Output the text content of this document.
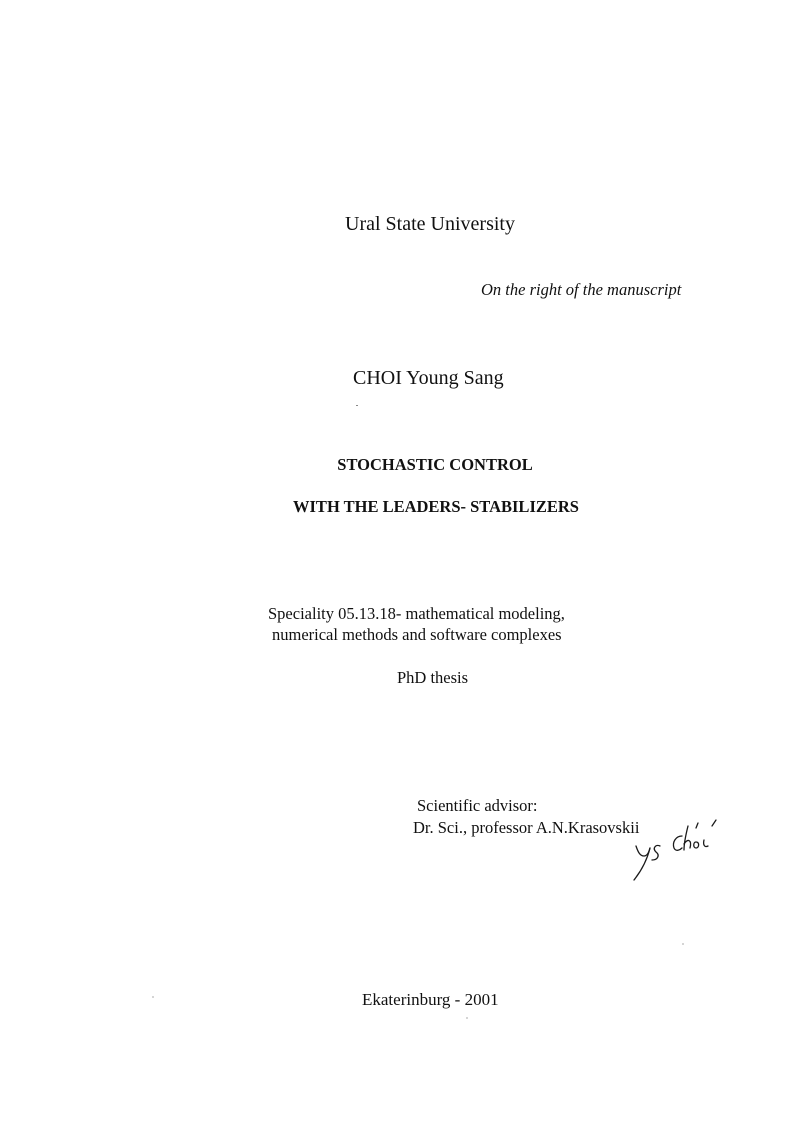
Ural State University
On the right of the manuscript
CHOI Young Sang
STOCHASTIC CONTROL
WITH THE LEADERS- STABILIZERS
Speciality 05.13.18- mathematical modeling,
numerical methods and software complexes
PhD thesis
Scientific advisor:
Dr. Sci., professor A.N.Krasovskii
Ekaterinburg - 2001
